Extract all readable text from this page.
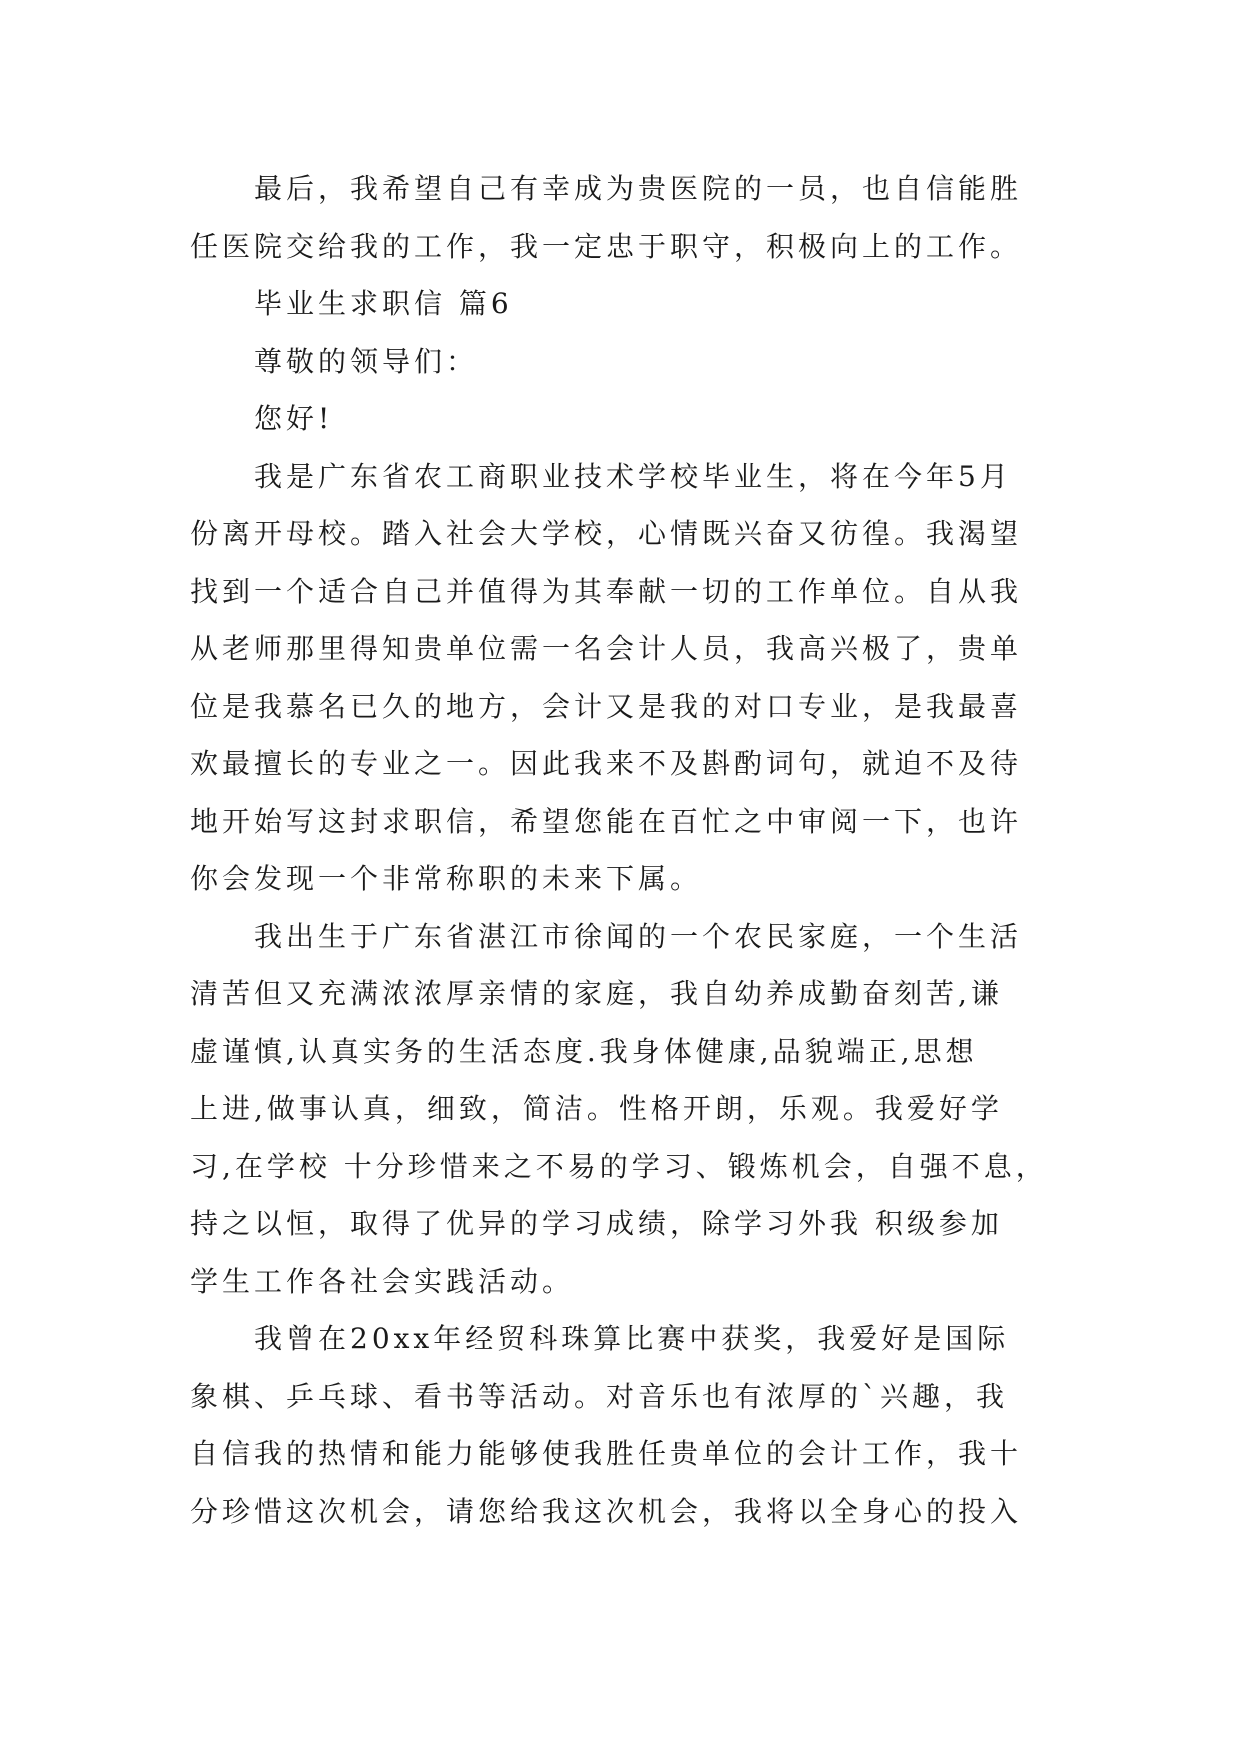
最后，我希望自己有幸成为贵医院的一员，也自信能胜
任医院交给我的工作，我一定忠于职守，积极向上的工作。
毕业生求职信 篇6
尊敬的领导们：
您好!
我是广东省农工商职业技术学校毕业生，将在今年5月
份离开母校。踏入社会大学校，心情既兴奋又彷徨。我渴望
找到一个适合自己并值得为其奉献一切的工作单位。自从我
从老师那里得知贵单位需一名会计人员，我高兴极了，贵单
位是我慕名已久的地方，会计又是我的对口专业，是我最喜
欢最擅长的专业之一。因此我来不及斟酌词句，就迫不及待
地开始写这封求职信，希望您能在百忙之中审阅一下，也许
你会发现一个非常称职的未来下属。
我出生于广东省湛江市徐闻的一个农民家庭，一个生活
清苦但又充满浓浓厚亲情的家庭，我自幼养成勤奋刻苦,谦
虚谨慎,认真实务的生活态度.我身体健康,品貌端正,思想
上进,做事认真，细致，简洁。性格开朗，乐观。我爱好学
习,在学校 十分珍惜来之不易的学习、锻炼机会，自强不息，
持之以恒，取得了优异的学习成绩，除学习外我 积级参加
学生工作各社会实践活动。
我曾在20xx年经贸科珠算比赛中获奖，我爱好是国际
象棋、乒乓球、看书等活动。对音乐也有浓厚的`兴趣，我
自信我的热情和能力能够使我胜任贵单位的会计工作，我十
分珍惜这次机会，请您给我这次机会，我将以全身心的投入
